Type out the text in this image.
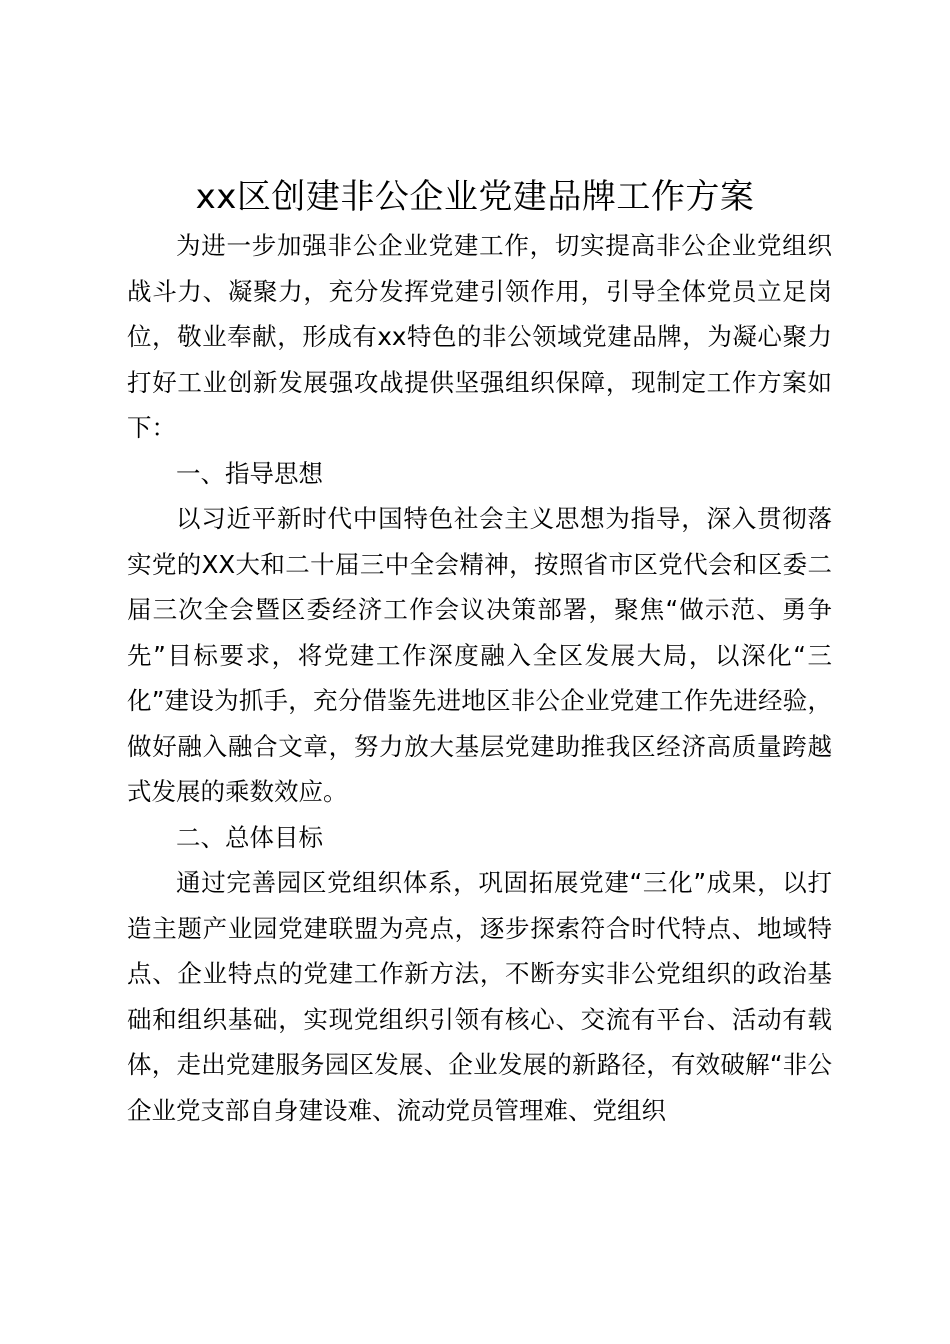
xx区创建非公企业党建品牌工作方案

为进一步加强非公企业党建工作，切实提高非公企业党组织战斗力、凝聚力，充分发挥党建引领作用，引导全体党员立足岗位，敬业奉献，形成有xx特色的非公领域党建品牌，为凝心聚力打好工业创新发展强攻战提供坚强组织保障，现制定工作方案如下：

一、指导思想

以习近平新时代中国特色社会主义思想为指导，深入贯彻落实党的XX大和二十届三中全会精神，按照省市区党代会和区委二届三次全会暨区委经济工作会议决策部署，聚焦“做示范、勇争先”目标要求，将党建工作深度融入全区发展大局，以深化“三化”建设为抓手，充分借鉴先进地区非公企业党建工作先进经验，做好融入融合文章，努力放大基层党建助推我区经济高质量跨越式发展的乘数效应。

二、总体目标

通过完善园区党组织体系，巩固拓展党建“三化”成果，以打造主题产业园党建联盟为亮点，逐步探索符合时代特点、地域特点、企业特点的党建工作新方法，不断夯实非公党组织的政治基础和组织基础，实现党组织引领有核心、交流有平台、活动有载体，走出党建服务园区发展、企业发展的新路径，有效破解“非公企业党支部自身建设难、流动党员管理难、党组织
